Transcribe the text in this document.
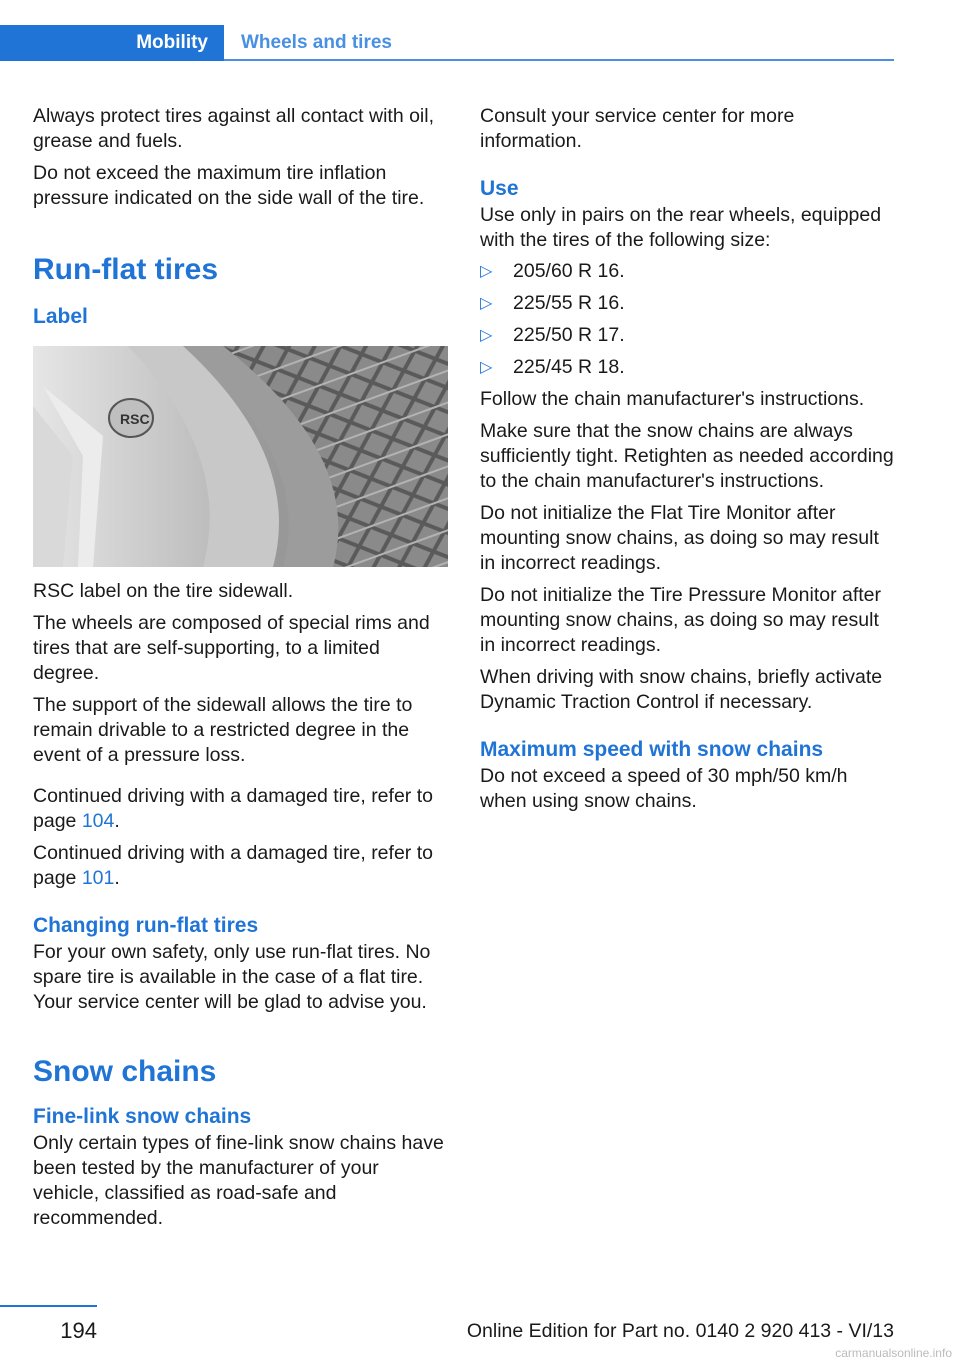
Mobility	Wheels and tires

Always protect tires against all contact with oil, grease and fuels.

Do not exceed the maximum tire inflation pressure indicated on the side wall of the tire.

Run-flat tires
Label
RSC

RSC label on the tire sidewall.

The wheels are composed of special rims and tires that are self-supporting, to a limited degree.

The support of the sidewall allows the tire to remain drivable to a restricted degree in the event of a pressure loss.

Continued driving with a damaged tire, refer to page 104.

Continued driving with a damaged tire, refer to page 101.

Changing run-flat tires

For your own safety, only use run-flat tires. No spare tire is available in the case of a flat tire. Your service center will be glad to advise you.

Snow chains
Fine-link snow chains

Only certain types of fine-link snow chains have been tested by the manufacturer of your vehicle, classified as road-safe and recommended.

Consult your service center for more information.

Use

Use only in pairs on the rear wheels, equipped with the tires of the following size:

▷	205/60 R 16.
▷	225/55 R 16.
▷	225/50 R 17.
▷	225/45 R 18.

Follow the chain manufacturer's instructions.

Make sure that the snow chains are always sufficiently tight. Retighten as needed according to the chain manufacturer's instructions.

Do not initialize the Flat Tire Monitor after mounting snow chains, as doing so may result in incorrect readings.

Do not initialize the Tire Pressure Monitor after mounting snow chains, as doing so may result in incorrect readings.

When driving with snow chains, briefly activate Dynamic Traction Control if necessary.

Maximum speed with snow chains

Do not exceed a speed of 30 mph/50 km/h when using snow chains.

194	Online Edition for Part no. 0140 2 920 413 - VI/13
carmanualsonline.info
